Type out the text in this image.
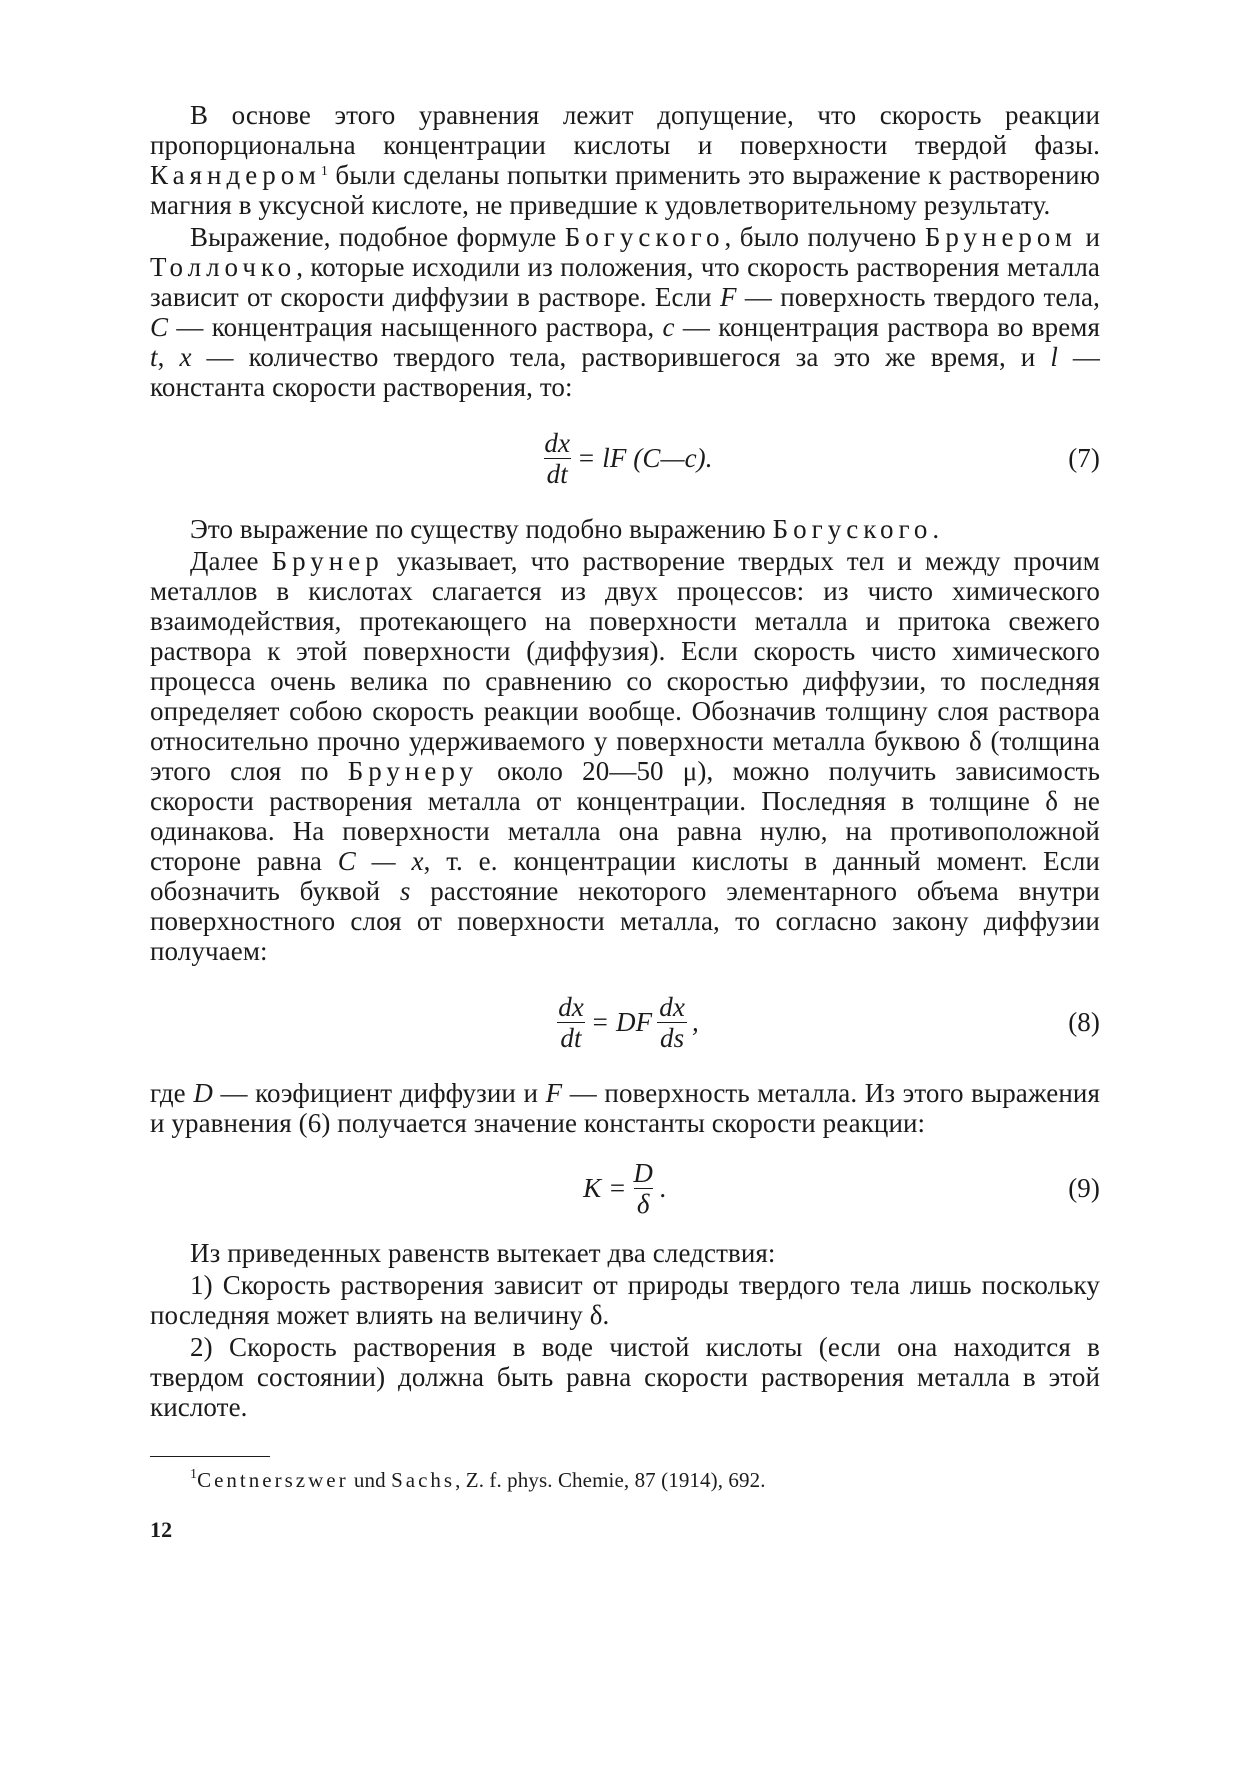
В основе этого уравнения лежит допущение, что скорость реакции пропорциональна концентрации кислоты и поверхности твердой фазы. Каяндером$^1$ были сделаны попытки применить это выражение к растворению магния в уксусной кислоте, не приведшие к удовлетворительному результату.

Выражение, подобное формуле Богуского, было получено Брунером и Толлочко, которые исходили из положения, что скорость растворения металла зависит от скорости диффузии в растворе. Если F — поверхность твердого тела, C — концентрация насыщенного раствора, c — концентрация раствора во время t, x — количество твердого тела, растворившегося за это же время, и l — константа скорости растворения, то:

$\frac{dx}{dt}$ = lF (C—c).	(7)

Это выражение по существу подобно выражению Богуского.

Далее Брунер указывает, что растворение твердых тел и между прочим металлов в кислотах слагается из двух процессов: из чисто химического взаимодействия, протекающего на поверхности металла и притока свежего раствора к этой поверхности (диффузия). Если скорость чисто химического процесса очень велика по сравнению со скоростью диффузии, то последняя определяет собою скорость реакции вообще. Обозначив толщину слоя раствора относительно прочно удерживаемого у поверхности металла буквою δ (толщина этого слоя по Брунеру около 20—50 μ), можно получить зависимость скорости растворения металла от концентрации. Последняя в толщине δ не одинакова. На поверхности металла она равна нулю, на противоположной стороне равна C — x, т. е. концентрации кислоты в данный момент. Если обозначить буквой s расстояние некоторого элементарного объема внутри поверхностного слоя от поверхности металла, то согласно закону диффузии получаем:

$\frac{dx}{dt}$ = DF $\frac{dx}{ds}$ ,	(8)

где D — коэфициент диффузии и F — поверхность металла. Из этого выражения и уравнения (6) получается значение константы скорости реакции:

$K = \frac{D}{\delta}$ .	(9)

Из приведенных равенств вытекает два следствия:

1) Скорость растворения зависит от природы твердого тела лишь поскольку последняя может влиять на величину δ.

2) Скорость растворения в воде чистой кислоты (если она находится в твердом состоянии) должна быть равна скорости растворения металла в этой кислоте.

$^1$Centnerszwer und Sachs, Z. f. phys. Chemie, 87 (1914), 692.

12
